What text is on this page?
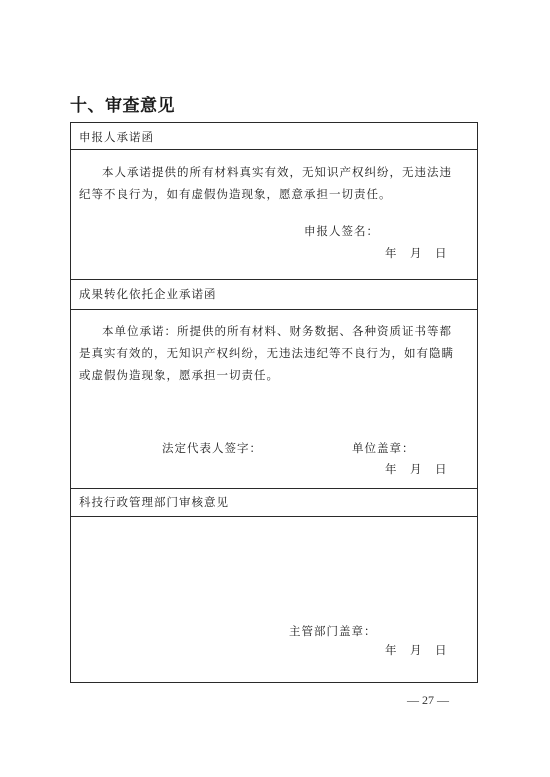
十、审查意见
申报人承诺函
本人承诺提供的所有材料真实有效，无知识产权纠纷，无违法违
纪等不良行为，如有虚假伪造现象，愿意承担一切责任。
申报人签名：
年　月　日
成果转化依托企业承诺函
本单位承诺：所提供的所有材料、财务数据、各种资质证书等都
是真实有效的，无知识产权纠纷，无违法违纪等不良行为，如有隐瞒
或虚假伪造现象，愿承担一切责任。
法定代表人签字：	单位盖章：
年　月　日
科技行政管理部门审核意见
主管部门盖章：
年　月　日
— 27 —
